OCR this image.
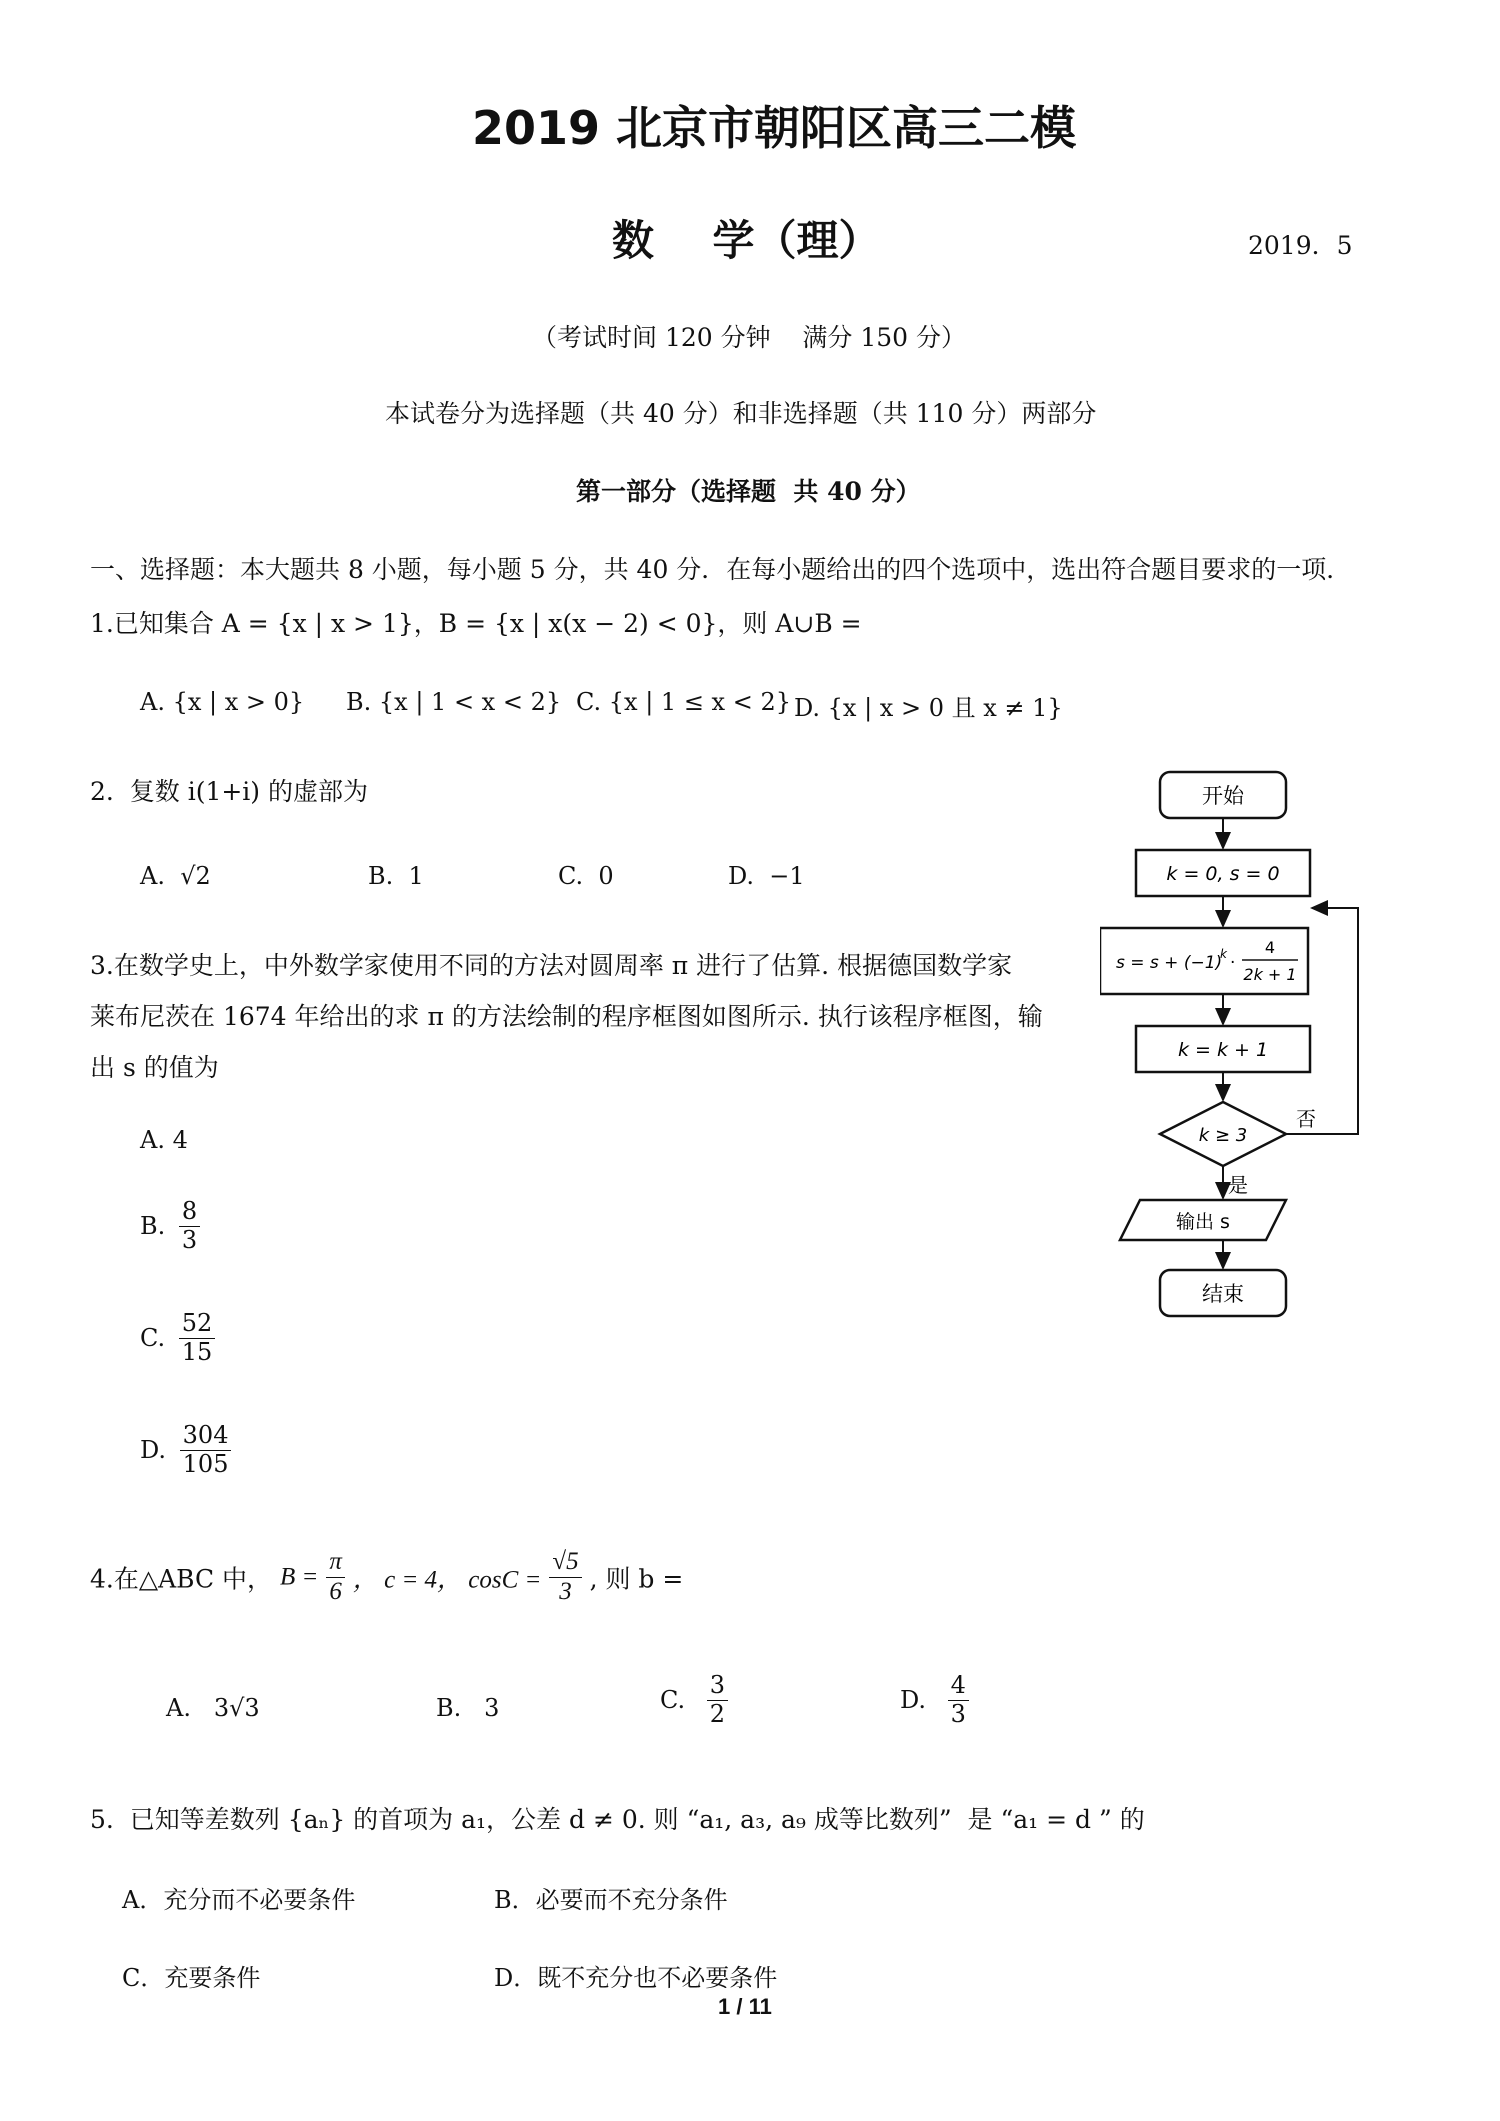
2019 北京市朝阳区高三二模
数    学（理）	2019．5
（考试时间 120 分钟    满分 150 分）
本试卷分为选择题（共 40 分）和非选择题（共 110 分）两部分
第一部分（选择题  共 40 分）
一、选择题：本大题共 8 小题，每小题 5 分，共 40 分．在每小题给出的四个选项中，选出符合题目要求的一项．
1.已知集合 A = {x | x > 1}，B = {x | x(x − 2) < 0}，则 A∪B =
A. {x | x > 0} B. {x | 1 < x < 2} C. {x | 1 ≤ x < 2} D. {x | x > 0 且 x ≠ 1}
2.  复数 i(1+i) 的虚部为
A.  √2	B.  1	C.  0	D.  −1
3.在数学史上，中外数学家使用不同的方法对圆周率 π 进行了估算. 根据德国数学家
莱布尼茨在 1674 年给出的求 π 的方法绘制的程序框图如图所示. 执行该程序框图，输
出 s 的值为
A. 4
B. $\frac{8}{3}$
C. $\frac{52}{15}$
D. $\frac{304}{105}$
开始
k = 0, s = 0
s = s + (−1)
k ·
4
2k + 1
k = k + 1
k ≥ 3
否
是
输出 s
结束
4.在△ABC 中， $B = \frac{\pi}{6}$ ， c = 4， $\cos C = \frac{√5}{3}$ , 则 b =
A.   3√3	B.   3	C. $\frac{3}{2}$	D. $\frac{4}{3}$
5.  已知等差数列 {aₙ} 的首项为 a₁，公差 d ≠ 0. 则 “a₁, a₃, a₉ 成等比数列”  是 “a₁ = d ” 的
A．充分而不必要条件	B．必要而不充分条件
C．充要条件	D．既不充分也不必要条件
1 / 11
